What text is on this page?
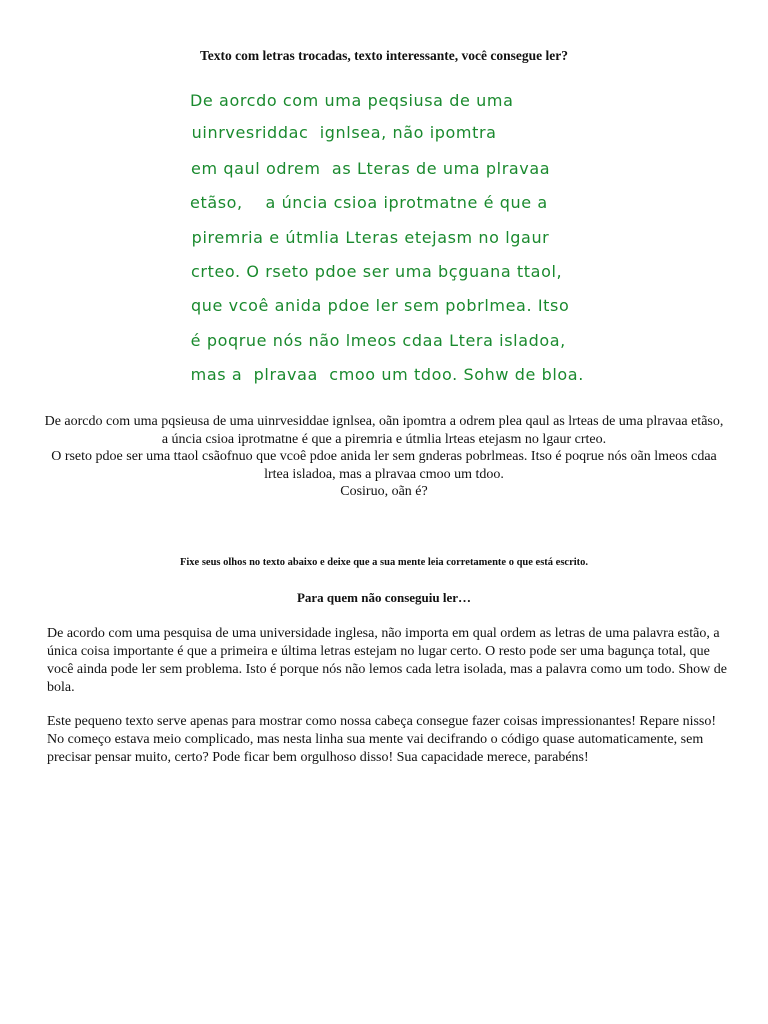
Texto com letras trocadas, texto interessante, você consegue ler?
De aorcdo com uma peqsiusa de uma
uinrvesriddac  ignlsea, não ipomtra
em qaul odrem  as Lteras de uma plravaa
etãso,    a úncia csioa iprotmatne é que a
piremria e útmlia Lteras etejasm no lgaur
crteo. O rseto pdoe ser uma bçguana ttaol,
que vcoê anida pdoe ler sem pobrlmea. Itso
é poqrue nós não lmeos cdaa Ltera isladoa,
mas a  plravaa  cmoo um tdoo. Sohw de bloa.

De aorcdo com uma pqsieusa de uma uinrvesiddae ignlsea, oãn ipomtra a odrem plea qaul as lrteas de uma plravaa etãso, a úncia csioa iprotmatne é que a piremria e útmlia lrteas etejasm no lgaur crteo.

O rseto pdoe ser uma ttaol csãofnuo que vcoê pdoe anida ler sem gnderas pobrlmeas. Itso é poqrue nós oãn lmeos cdaa lrtea isladoa, mas a plravaa cmoo um tdoo.

Cosiruo, oãn é?

Fixe seus olhos no texto abaixo e deixe que a sua mente leia corretamente o que está escrito.
Para quem não conseguiu ler…

De acordo com uma pesquisa de uma universidade inglesa, não importa em qual ordem as letras de uma palavra estão, a única coisa importante é que a primeira e última letras estejam no lugar certo. O resto pode ser uma bagunça total, que você ainda pode ler sem problema. Isto é porque nós não lemos cada letra isolada, mas a palavra como um todo. Show de bola.

Este pequeno texto serve apenas para mostrar como nossa cabeça consegue fazer coisas impressionantes! Repare nisso! No começo estava meio complicado, mas nesta linha sua mente vai decifrando o código quase automaticamente, sem precisar pensar muito, certo? Pode ficar bem orgulhoso disso! Sua capacidade merece, parabéns!
